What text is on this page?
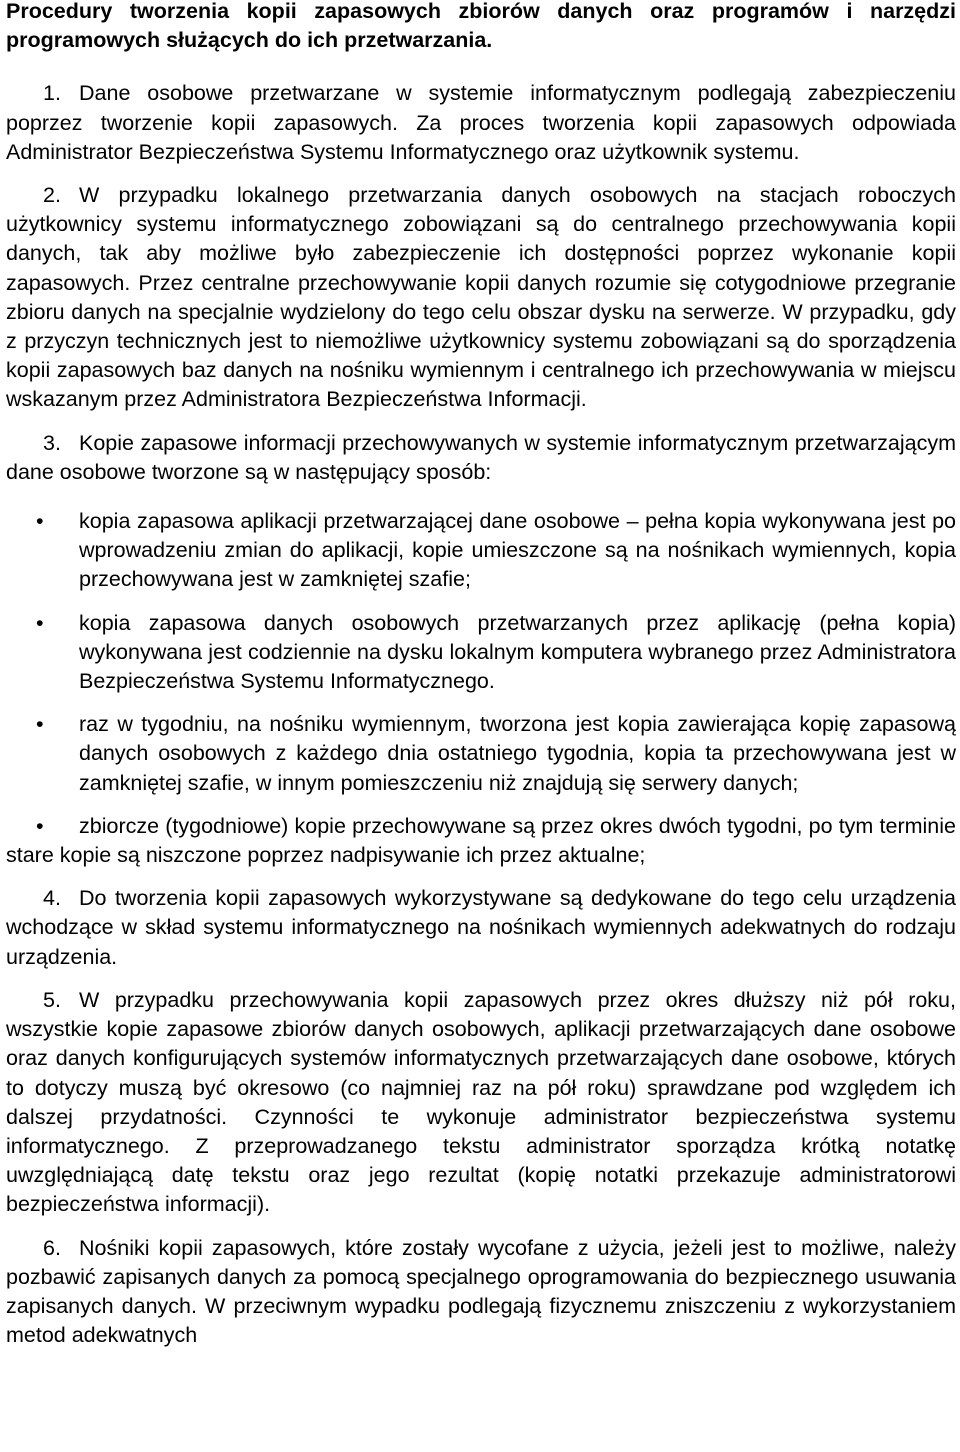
Procedury tworzenia kopii zapasowych zbiorów danych oraz programów i narzędzi programowych służących do ich przetwarzania.

1. Dane osobowe przetwarzane w systemie informatycznym podlegają zabezpieczeniu poprzez tworzenie kopii zapasowych. Za proces tworzenia kopii zapasowych odpowiada Administrator Bezpieczeństwa Systemu Informatycznego oraz użytkownik systemu.

2. W przypadku lokalnego przetwarzania danych osobowych na stacjach roboczych użytkownicy systemu informatycznego zobowiązani są do centralnego przechowywania kopii danych, tak aby możliwe było zabezpieczenie ich dostępności poprzez wykonanie kopii zapasowych. Przez centralne przechowywanie kopii danych rozumie się cotygodniowe przegranie zbioru danych na specjalnie wydzielony do tego celu obszar dysku na serwerze. W przypadku, gdy z przyczyn technicznych jest to niemożliwe użytkownicy systemu zobowiązani są do sporządzenia kopii zapasowych baz danych na nośniku wymiennym i centralnego ich przechowywania w miejscu wskazanym przez Administratora Bezpieczeństwa Informacji.

3. Kopie zapasowe informacji przechowywanych w systemie informatycznym przetwarzającym dane osobowe tworzone są w następujący sposób:

•	kopia zapasowa aplikacji przetwarzającej dane osobowe – pełna kopia wykonywana jest po wprowadzeniu zmian do aplikacji, kopie umieszczone są na nośnikach wymiennych, kopia przechowywana jest w zamkniętej szafie;
•	kopia zapasowa danych osobowych przetwarzanych przez aplikację (pełna kopia) wykonywana jest codziennie na dysku lokalnym komputera wybranego przez Administratora Bezpieczeństwa Systemu Informatycznego.
•	raz w tygodniu, na nośniku wymiennym, tworzona jest kopia zawierająca kopię zapasową danych osobowych z każdego dnia ostatniego tygodnia, kopia ta przechowywana jest w zamkniętej szafie, w innym pomieszczeniu niż znajdują się serwery danych;
•	zbiorcze (tygodniowe) kopie przechowywane są przez okres dwóch tygodni, po tym terminie stare kopie są niszczone poprzez nadpisywanie ich przez aktualne;

4. Do tworzenia kopii zapasowych wykorzystywane są dedykowane do tego celu urządzenia wchodzące w skład systemu informatycznego na nośnikach wymiennych adekwatnych do rodzaju urządzenia.

5. W przypadku przechowywania kopii zapasowych przez okres dłuższy niż pół roku, wszystkie kopie zapasowe zbiorów danych osobowych, aplikacji przetwarzających dane osobowe oraz danych konfigurujących systemów informatycznych przetwarzających dane osobowe, których to dotyczy muszą być okresowo (co najmniej raz na pół roku) sprawdzane pod względem ich dalszej przydatności. Czynności te wykonuje administrator bezpieczeństwa systemu informatycznego. Z przeprowadzanego tekstu administrator sporządza krótką notatkę uwzględniającą datę tekstu oraz jego rezultat (kopię notatki przekazuje administratorowi bezpieczeństwa informacji).

6. Nośniki kopii zapasowych, które zostały wycofane z użycia, jeżeli jest to możliwe, należy pozbawić zapisanych danych za pomocą specjalnego oprogramowania do bezpiecznego usuwania zapisanych danych. W przeciwnym wypadku podlegają fizycznemu zniszczeniu z wykorzystaniem metod adekwatnych
